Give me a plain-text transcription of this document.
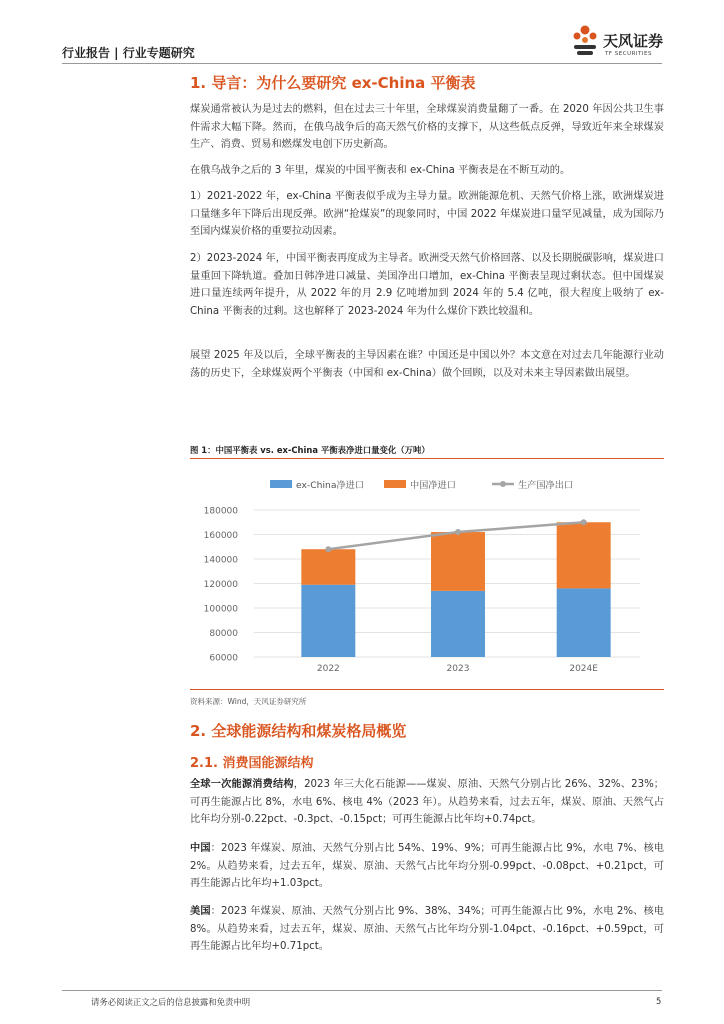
行业报告 | 行业专题研究
天风证券
TF SECURITIES
1. 导言：为什么要研究 ex-China 平衡表
煤炭通常被认为是过去的燃料，但在过去三十年里，全球煤炭消费量翻了一番。在 2020 年因公共卫生事件需求大幅下降。然而，在俄乌战争后的高天然气价格的支撑下，从这些低点反弹，导致近年来全球煤炭生产、消费、贸易和燃煤发电创下历史新高。
在俄乌战争之后的 3 年里，煤炭的中国平衡表和 ex-China 平衡表是在不断互动的。
1）2021-2022 年，ex-China 平衡表似乎成为主导力量。欧洲能源危机、天然气价格上涨，欧洲煤炭进口量继多年下降后出现反弹。欧洲“抢煤炭”的现象同时，中国 2022 年煤炭进口量罕见减量，成为国际乃至国内煤炭价格的重要拉动因素。
2）2023-2024 年，中国平衡表再度成为主导者。欧洲受天然气价格回落、以及长期脱碳影响，煤炭进口量重回下降轨道。叠加日韩净进口减量、美国净出口增加，ex-China 平衡表呈现过剩状态。但中国煤炭进口量连续两年提升，从 2022 年的月 2.9 亿吨增加到 2024 年的 5.4 亿吨，很大程度上吸纳了 ex-China 平衡表的过剩。这也解释了 2023-2024 年为什么煤价下跌比较温和。
展望 2025 年及以后，全球平衡表的主导因素在谁？中国还是中国以外？本文意在对过去几年能源行业动荡的历史下，全球煤炭两个平衡表（中国和 ex-China）做个回顾，以及对未来主导因素做出展望。
图 1：中国平衡表 vs. ex-China 平衡表净进口量变化（万吨）
ex-China净进口	中国净进口	生产国净出口
60000
80000
100000
120000
140000
160000
180000
2022	2023	2024E
资料来源：Wind，天风证券研究所
2. 全球能源结构和煤炭格局概览
2.1. 消费国能源结构
全球一次能源消费结构，2023 年三大化石能源——煤炭、原油、天然气分别占比 26%、32%、23%；可再生能源占比 8%，水电 6%、核电 4%（2023 年）。从趋势来看，过去五年，煤炭、原油、天然气占比年均分别-0.22pct、-0.3pct、-0.15pct；可再生能源占比年均+0.74pct。
中国：2023 年煤炭、原油、天然气分别占比 54%、19%、9%；可再生能源占比 9%，水电 7%、核电 2%。从趋势来看，过去五年，煤炭、原油、天然气占比年均分别-0.99pct、-0.08pct、+0.21pct，可再生能源占比年均+1.03pct。
美国：2023 年煤炭、原油、天然气分别占比 9%、38%、34%；可再生能源占比 9%，水电 2%、核电 8%。从趋势来看，过去五年，煤炭、原油、天然气占比年均分别-1.04pct、-0.16pct、+0.59pct，可再生能源占比年均+0.71pct。
请务必阅读正文之后的信息披露和免责申明	5
